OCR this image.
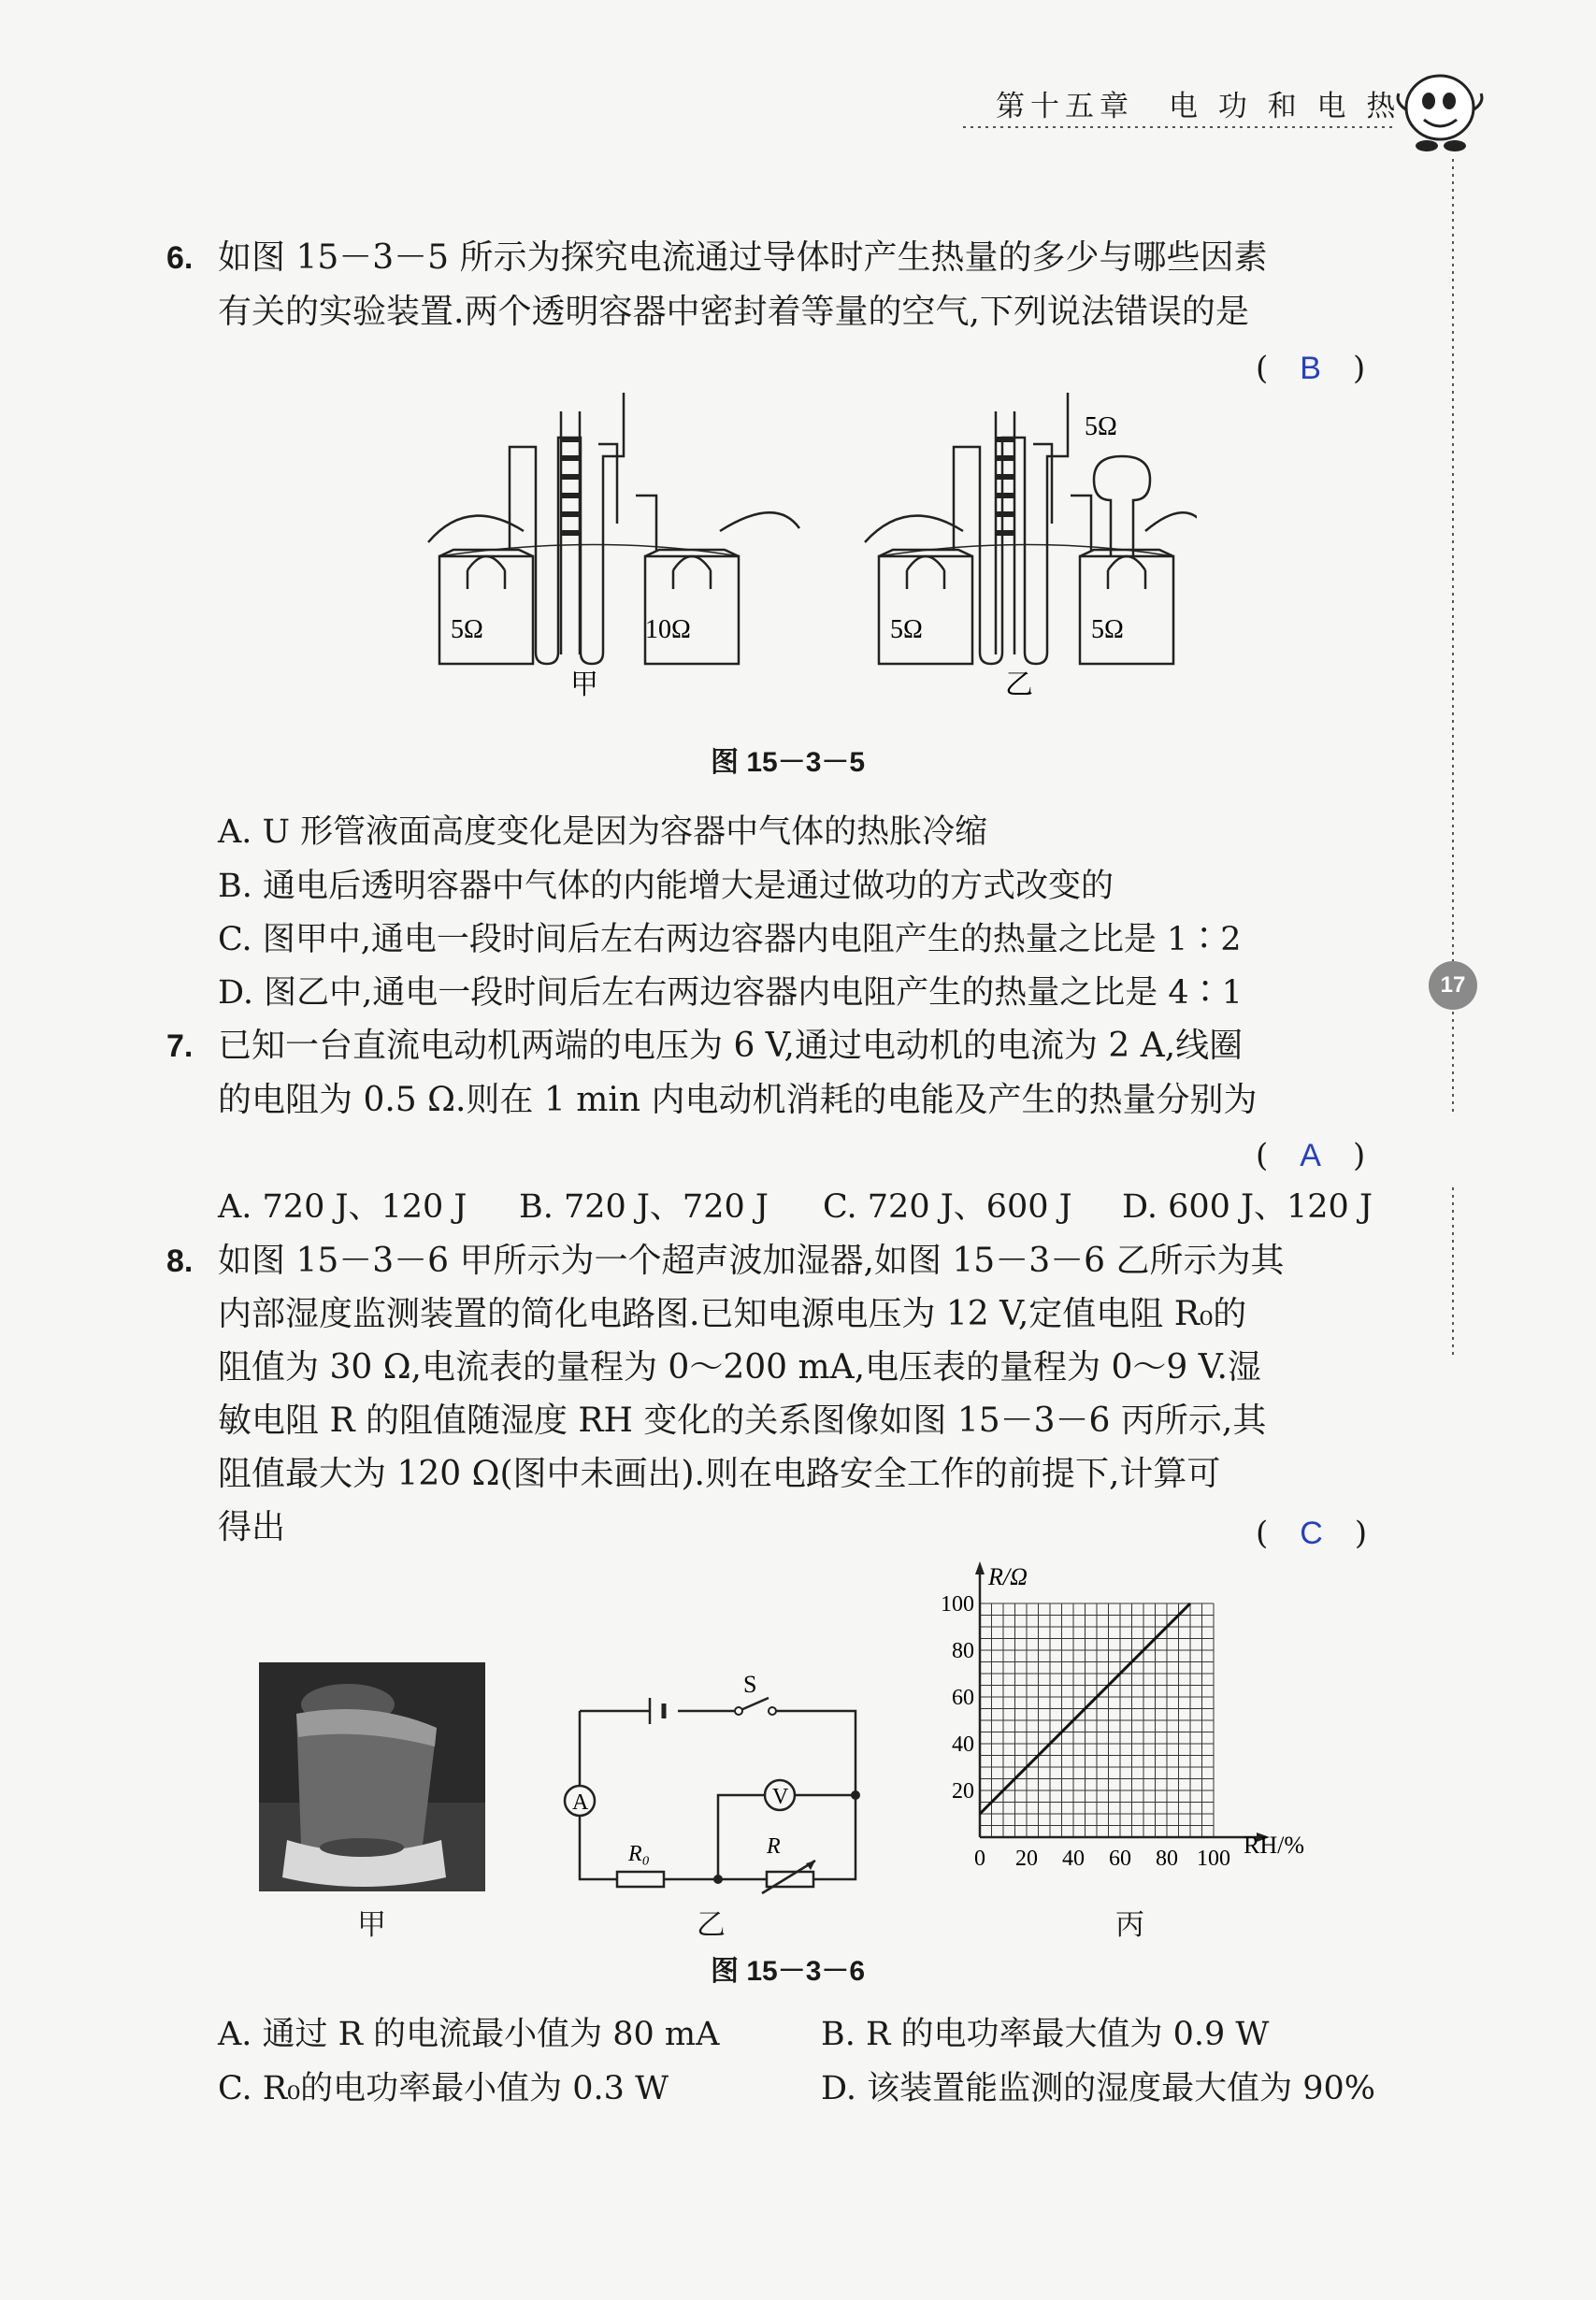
第十五章　电 功 和 电 热
17
6. 如图 15－3－5 所示为探究电流通过导体时产生热量的多少与哪些因素
有关的实验装置.两个透明容器中密封着等量的空气,下列说法错误的是
(　B　)
5Ω	10Ω	5Ω	5Ω
5Ω
甲	乙
图 15－3－5
A. U 形管液面高度变化是因为容器中气体的热胀冷缩
B. 通电后透明容器中气体的内能增大是通过做功的方式改变的
C. 图甲中,通电一段时间后左右两边容器内电阻产生的热量之比是 1∶2
D. 图乙中,通电一段时间后左右两边容器内电阻产生的热量之比是 4∶1
7. 已知一台直流电动机两端的电压为 6 V,通过电动机的电流为 2 A,线圈
的电阻为 0.5 Ω.则在 1 min 内电动机消耗的电能及产生的热量分别为
(　A　)
A. 720 J、120 J B. 720 J、720 J C. 720 J、600 J D. 600 J、120 J
8. 如图 15－3－6 甲所示为一个超声波加湿器,如图 15－3－6 乙所示为其
内部湿度监测装置的简化电路图.已知电源电压为 12 V,定值电阻 R₀的
阻值为 30 Ω,电流表的量程为 0～200 mA,电压表的量程为 0～9 V.湿
敏电阻 R 的阻值随湿度 RH 变化的关系图像如图 15－3－6 丙所示,其
阻值最大为 120 Ω(图中未画出).则在电路安全工作的前提下,计算可
得出	(　C　)
甲
S
A	V
R₀	R
乙
0 20 40 60 80 100
20
40
60
80
100
R/Ω
RH/%
丙
图 15－3－6
A. 通过 R 的电流最小值为 80 mA	B. R 的电功率最大值为 0.9 W
C. R₀的电功率最小值为 0.3 W	D. 该装置能监测的湿度最大值为 90%
